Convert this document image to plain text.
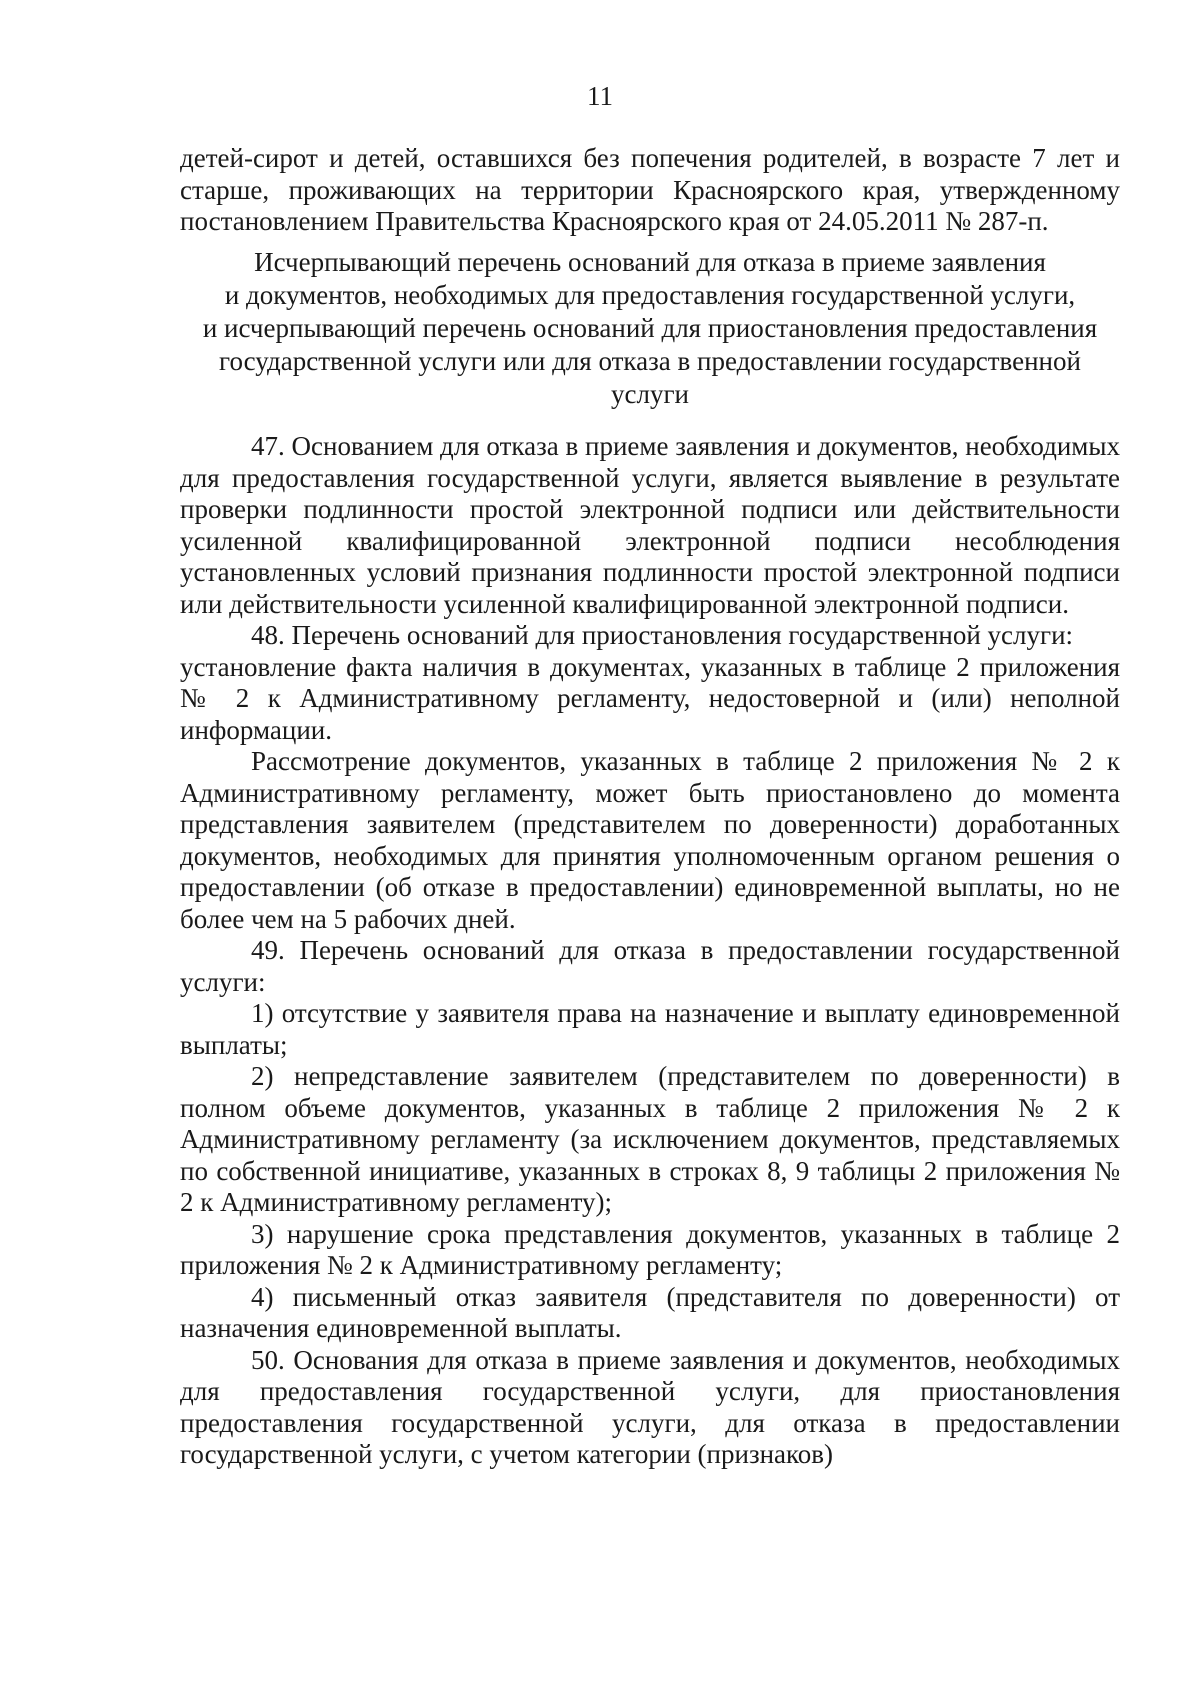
11

детей-сирот и детей, оставшихся без попечения родителей, в возрасте 7 лет и старше, проживающих на территории Красноярского края, утвержденному постановлением Правительства Красноярского края от 24.05.2011 № 287-п.

Исчерпывающий перечень оснований для отказа в приеме заявления
и документов, необходимых для предоставления государственной услуги,
и исчерпывающий перечень оснований для приостановления предоставления
государственной услуги или для отказа в предоставлении государственной
услуги

47. Основанием для отказа в приеме заявления и документов, необходимых для предоставления государственной услуги, является выявление в результате проверки подлинности простой электронной подписи или действительности усиленной квалифицированной электронной подписи несоблюдения установленных условий признания подлинности простой электронной подписи или действительности усиленной квалифицированной электронной подписи.

48. Перечень оснований для приостановления государственной услуги:

установление факта наличия в документах, указанных в таблице 2 приложения № 2 к Административному регламенту, недостоверной и (или) неполной информации.

Рассмотрение документов, указанных в таблице 2 приложения № 2 к Административному регламенту, может быть приостановлено до момента представления заявителем (представителем по доверенности) доработанных документов, необходимых для принятия уполномоченным органом решения о предоставлении (об отказе в предоставлении) единовременной выплаты, но не более чем на 5 рабочих дней.

49. Перечень оснований для отказа в предоставлении государственной услуги:

1) отсутствие у заявителя права на назначение и выплату единовременной выплаты;

2) непредставление заявителем (представителем по доверенности) в полном объеме документов, указанных в таблице 2 приложения № 2 к Административному регламенту (за исключением документов, представляемых по собственной инициативе, указанных в строках 8, 9 таблицы 2 приложения № 2 к Административному регламенту);

3) нарушение срока представления документов, указанных в таблице 2 приложения № 2 к Административному регламенту;

4) письменный отказ заявителя (представителя по доверенности) от назначения единовременной выплаты.

50. Основания для отказа в приеме заявления и документов, необходимых для предоставления государственной услуги, для приостановления предоставления государственной услуги, для отказа в предоставлении государственной услуги, с учетом категории (признаков)
